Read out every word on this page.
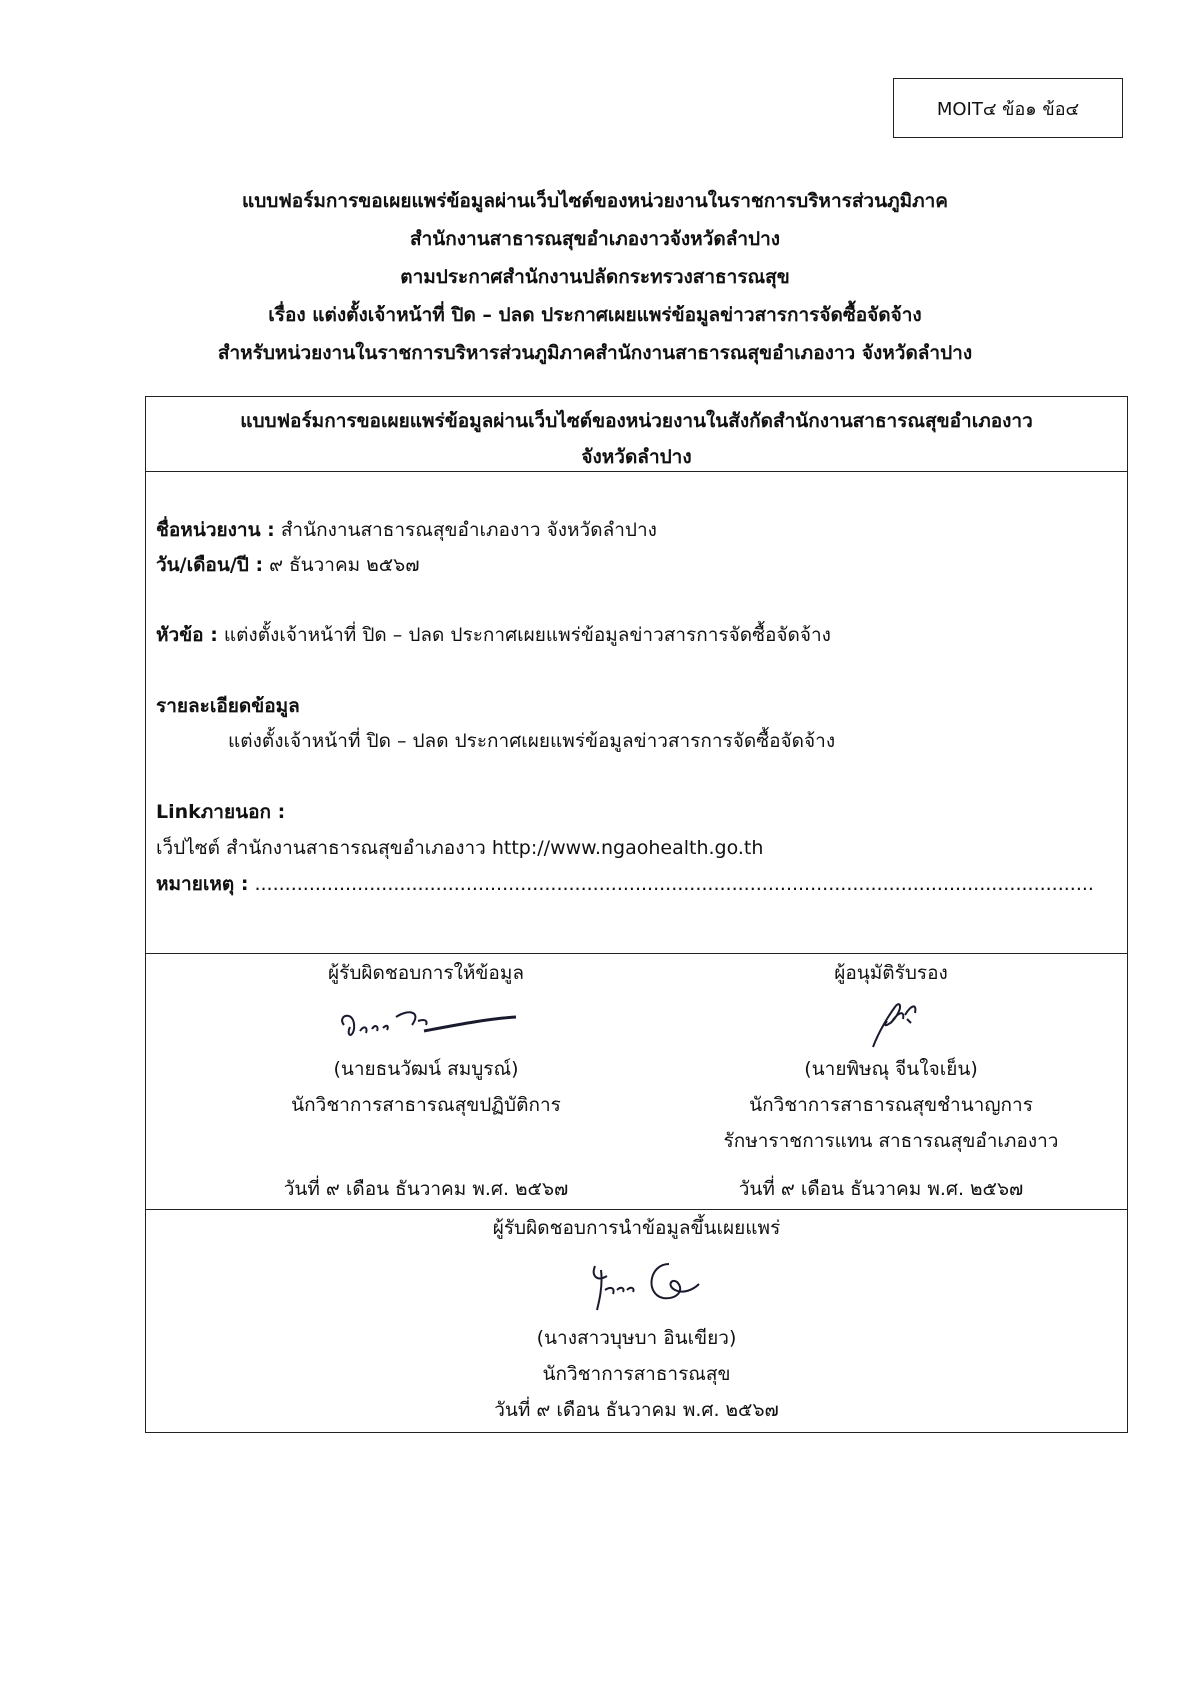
MOIT๔ ข้อ๑ ข้อ๔
แบบฟอร์มการขอเผยแพร่ข้อมูลผ่านเว็บไซต์ของหน่วยงานในราชการบริหารส่วนภูมิภาค
สำนักงานสาธารณสุขอำเภองาวจังหวัดลำปาง
ตามประกาศสำนักงานปลัดกระทรวงสาธารณสุข
เรื่อง แต่งตั้งเจ้าหน้าที่ ปิด – ปลด ประกาศเผยแพร่ข้อมูลข่าวสารการจัดซื้อจัดจ้าง
สำหรับหน่วยงานในราชการบริหารส่วนภูมิภาคสำนักงานสาธารณสุขอำเภองาว จังหวัดลำปาง
แบบฟอร์มการขอเผยแพร่ข้อมูลผ่านเว็บไซต์ของหน่วยงานในสังกัดสำนักงานสาธารณสุขอำเภองาว
จังหวัดลำปาง
ชื่อหน่วยงาน : สำนักงานสาธารณสุขอำเภองาว จังหวัดลำปาง
วัน/เดือน/ปี : ๙ ธันวาคม ๒๕๖๗
หัวข้อ : แต่งตั้งเจ้าหน้าที่ ปิด – ปลด ประกาศเผยแพร่ข้อมูลข่าวสารการจัดซื้อจัดจ้าง
รายละเอียดข้อมูล
แต่งตั้งเจ้าหน้าที่ ปิด – ปลด ประกาศเผยแพร่ข้อมูลข่าวสารการจัดซื้อจัดจ้าง
Linkภายนอก :
เว็ปไซต์ สำนักงานสาธารณสุขอำเภองาว http://www.ngaohealth.go.th
หมายเหตุ : ...........................................................................................................................................
ผู้รับผิดชอบการให้ข้อมูล
(นายธนวัฒน์ สมบูรณ์)
นักวิชาการสาธารณสุขปฏิบัติการ
วันที่ ๙ เดือน ธันวาคม พ.ศ. ๒๕๖๗
ผู้อนุมัติรับรอง
(นายพิษณุ จีนใจเย็น)
นักวิชาการสาธารณสุขชำนาญการ
รักษาราชการแทน สาธารณสุขอำเภองาว
วันที่ ๙ เดือน ธันวาคม พ.ศ. ๒๕๖๗
ผู้รับผิดชอบการนำข้อมูลขึ้นเผยแพร่
(นางสาวบุษบา อินเขียว)
นักวิชาการสาธารณสุข
วันที่ ๙ เดือน ธันวาคม พ.ศ. ๒๕๖๗
